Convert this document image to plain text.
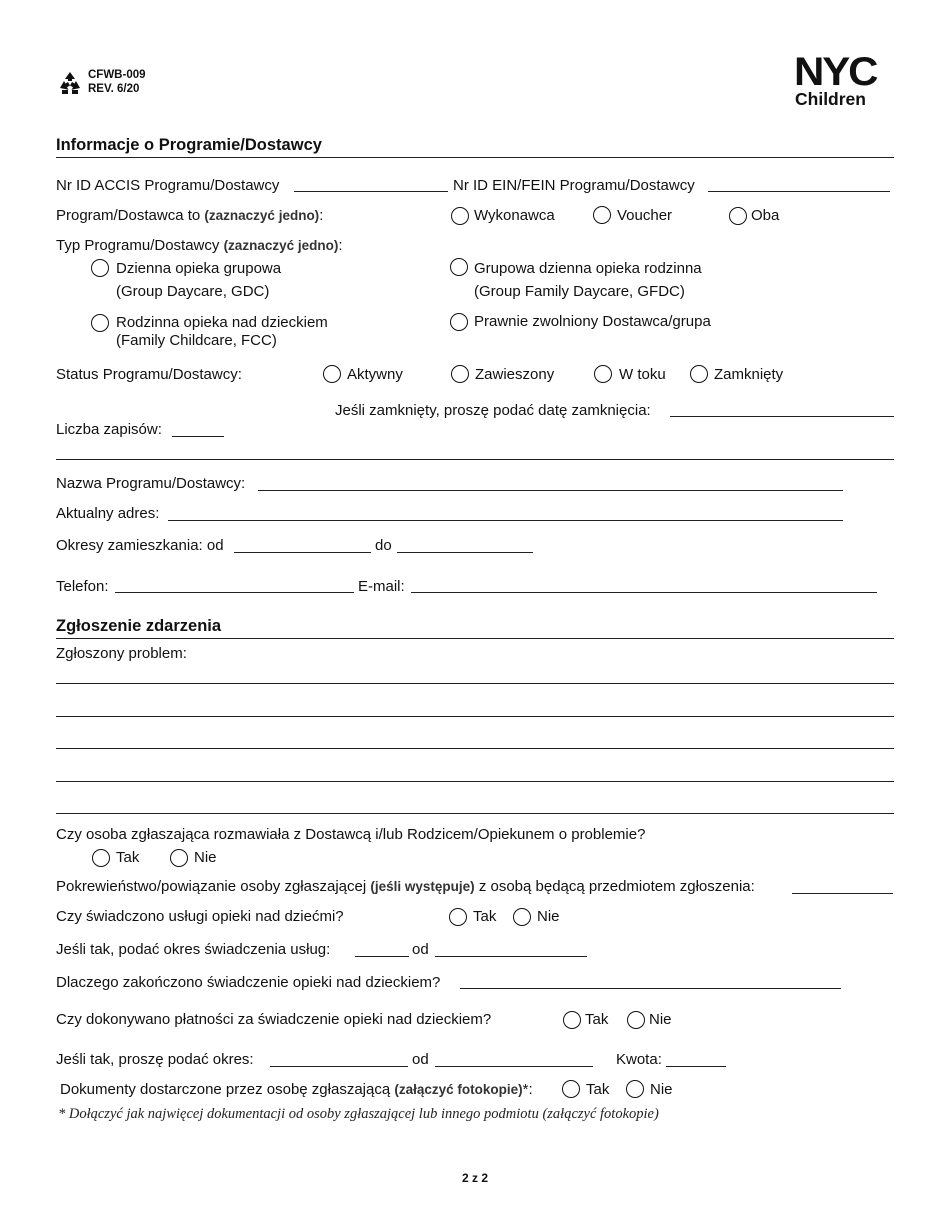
CFWB-009
REV. 6/20	NYC
Children
Informacje o Programie/Dostawcy
Nr ID ACCIS Programu/Dostawcy	Nr ID EIN/FEIN Programu/Dostawcy
Program/Dostawca to (zaznaczyć jedno):	Wykonawca	Voucher	Oba
Typ Programu/Dostawcy (zaznaczyć jedno):
Dzienna opieka grupowa
(Group Daycare, GDC)
Grupowa dzienna opieka rodzinna
(Group Family Daycare, GFDC)
Rodzinna opieka nad dzieckiem
(Family Childcare, FCC)
Prawnie zwolniony Dostawca/grupa
Status Programu/Dostawcy:	Aktywny	Zawieszony	W toku	Zamknięty
Jeśli zamknięty, proszę podać datę zamknięcia:
Liczba zapisów:
Nazwa Programu/Dostawcy:
Aktualny adres:
Okresy zamieszkania: od	do
Telefon:	E-mail:
Zgłoszenie zdarzenia
Zgłoszony problem:
Czy osoba zgłaszająca rozmawiała z Dostawcą i/lub Rodzicem/Opiekunem o problemie?
Tak	Nie
Pokrewieństwo/powiązanie osoby zgłaszającej (jeśli występuje) z osobą będącą przedmiotem zgłoszenia:
Czy świadczono usługi opieki nad dziećmi?	Tak	Nie
Jeśli tak, podać okres świadczenia usług:	od
Dlaczego zakończono świadczenie opieki nad dzieckiem?
Czy dokonywano płatności za świadczenie opieki nad dzieckiem?	Tak	Nie
Jeśli tak, proszę podać okres:	od	Kwota:
Dokumenty dostarczone przez osobę zgłaszającą (załączyć fotokopie)*:	Tak	Nie
* Dołączyć jak najwięcej dokumentacji od osoby zgłaszającej lub innego podmiotu (załączyć fotokopie)
2 z 2
